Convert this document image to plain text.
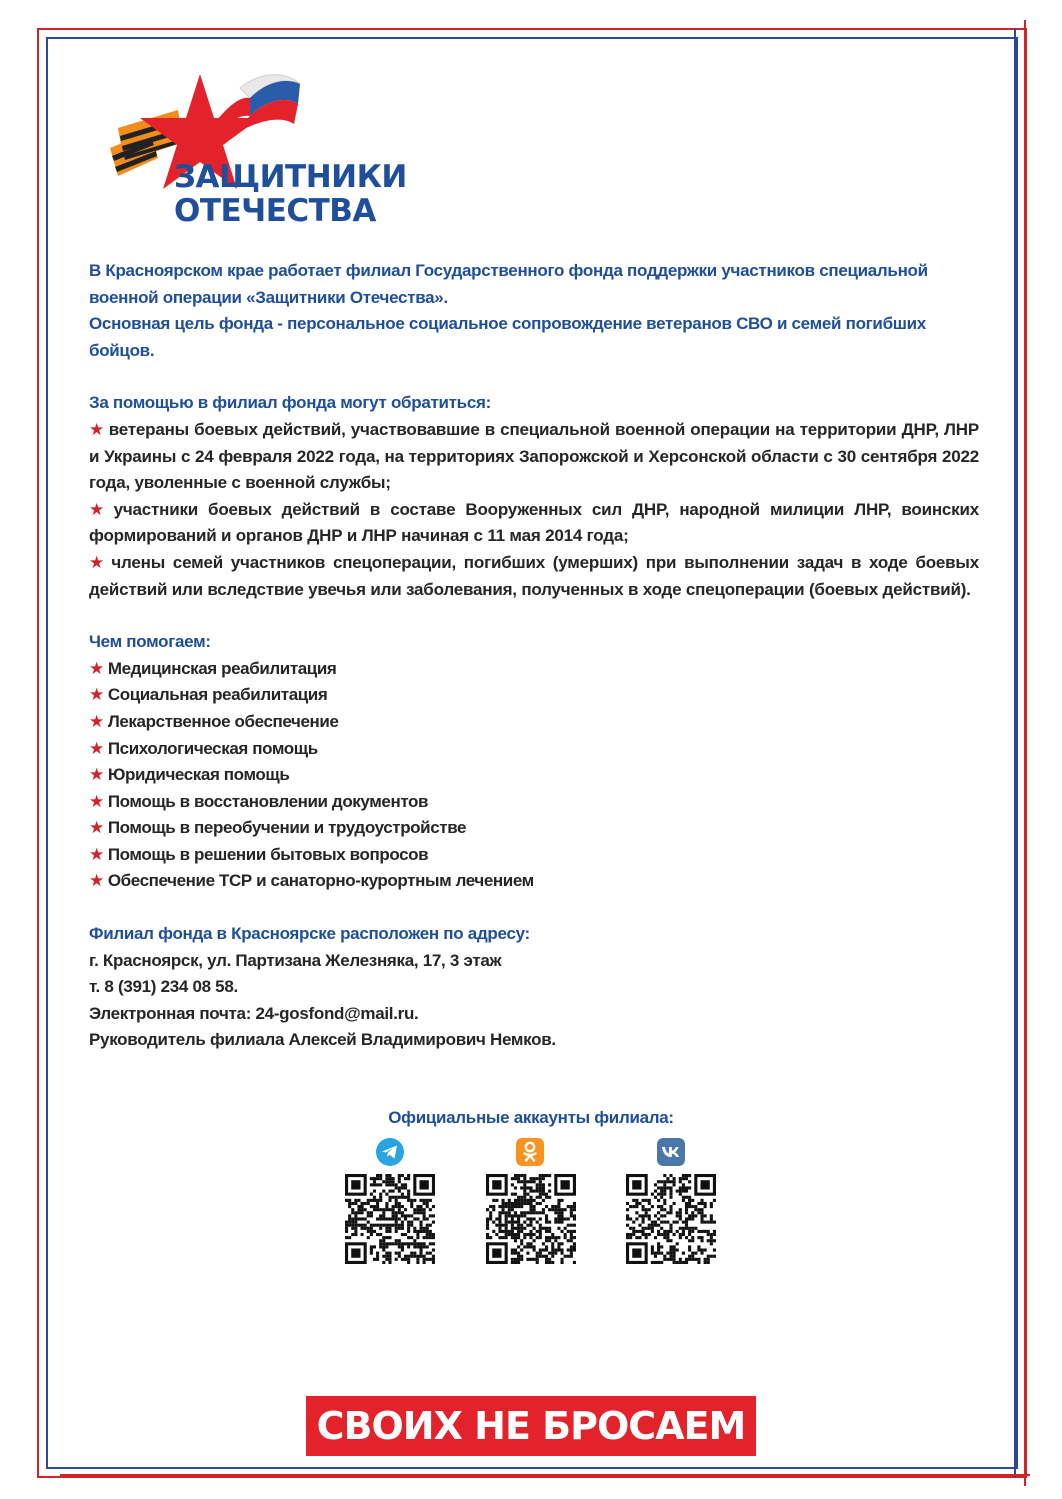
ЗАЩИТНИКИ
ОТЕЧЕСТВА

В Красноярском крае работает филиал Государственного фонда поддержки участников специальной военной операции «Защитники Отечества».

Основная цель фонда - персональное социальное сопровождение ветеранов СВО и семей погибших бойцов.

За помощью в филиал фонда могут обратиться:
★ ветераны боевых действий, участвовавшие в специальной военной операции на территории ДНР, ЛНР и Украины с 24 февраля 2022 года, на территориях Запорожской и Херсонской области с 30 сентября 2022 года, уволенные с военной службы;
★ участники боевых действий в составе Вооруженных сил ДНР, народной милиции ЛНР, воинских формирований и органов ДНР и ЛНР начиная с 11 мая 2014 года;
★ члены семей участников спецоперации, погибших (умерших) при выполнении задач в ходе боевых действий или вследствие увечья или заболевания, полученных в ходе спецоперации (боевых действий).
Чем помогаем:
★ Медицинская реабилитация
★ Социальная реабилитация
★ Лекарственное обеспечение
★ Психологическая помощь
★ Юридическая помощь
★ Помощь в восстановлении документов
★ Помощь в переобучении и трудоустройстве
★ Помощь в решении бытовых вопросов
★ Обеспечение ТСР и санаторно-курортным лечением
Филиал фонда в Красноярске расположен по адресу:

г. Красноярск, ул. Партизана Железняка, 17, 3 этаж

т. 8 (391) 234 08 58.

Электронная почта: 24-gosfond@mail.ru.

Руководитель филиала Алексей Владимирович Немков.

Официальные аккаунты филиала:
СВОИХ НЕ БРОСАЕМ
